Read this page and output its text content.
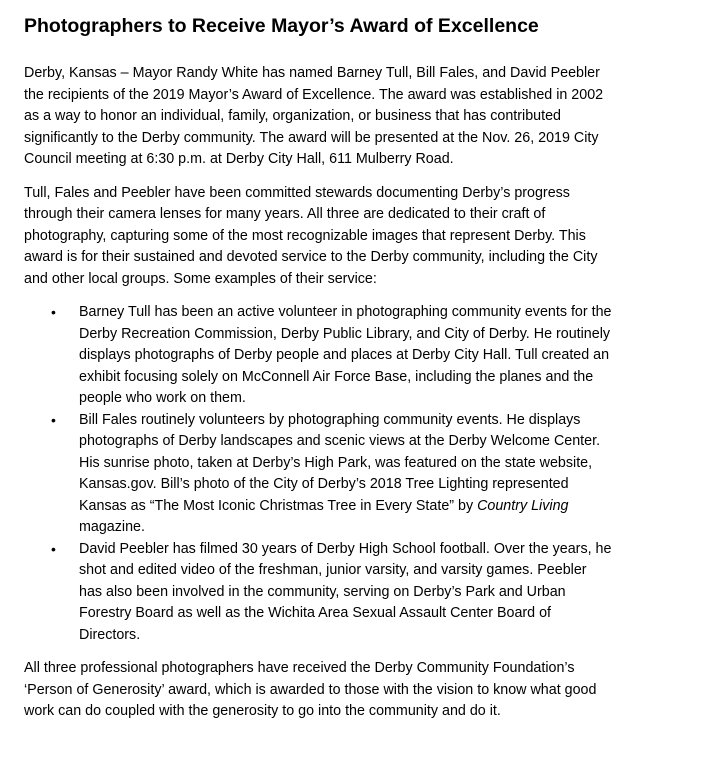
Photographers to Receive Mayor’s Award of Excellence

Derby, Kansas – Mayor Randy White has named Barney Tull, Bill Fales, and David Peebler
the recipients of the 2019 Mayor’s Award of Excellence. The award was established in 2002
as a way to honor an individual, family, organization, or business that has contributed
significantly to the Derby community. The award will be presented at the Nov. 26, 2019 City
Council meeting at 6:30 p.m. at Derby City Hall, 611 Mulberry Road.

Tull, Fales and Peebler have been committed stewards documenting Derby’s progress
through their camera lenses for many years. All three are dedicated to their craft of
photography, capturing some of the most recognizable images that represent Derby. This
award is for their sustained and devoted service to the Derby community, including the City
and other local groups. Some examples of their service:

• Barney Tull has been an active volunteer in photographing community events for the
Derby Recreation Commission, Derby Public Library, and City of Derby. He routinely
displays photographs of Derby people and places at Derby City Hall. Tull created an
exhibit focusing solely on McConnell Air Force Base, including the planes and the
people who work on them.
• Bill Fales routinely volunteers by photographing community events. He displays
photographs of Derby landscapes and scenic views at the Derby Welcome Center.
His sunrise photo, taken at Derby’s High Park, was featured on the state website,
Kansas.gov. Bill’s photo of the City of Derby’s 2018 Tree Lighting represented
Kansas as “The Most Iconic Christmas Tree in Every State” by Country Living
magazine.
• David Peebler has filmed 30 years of Derby High School football. Over the years, he
shot and edited video of the freshman, junior varsity, and varsity games. Peebler
has also been involved in the community, serving on Derby’s Park and Urban
Forestry Board as well as the Wichita Area Sexual Assault Center Board of
Directors.

All three professional photographers have received the Derby Community Foundation’s
‘Person of Generosity’ award, which is awarded to those with the vision to know what good
work can do coupled with the generosity to go into the community and do it.
